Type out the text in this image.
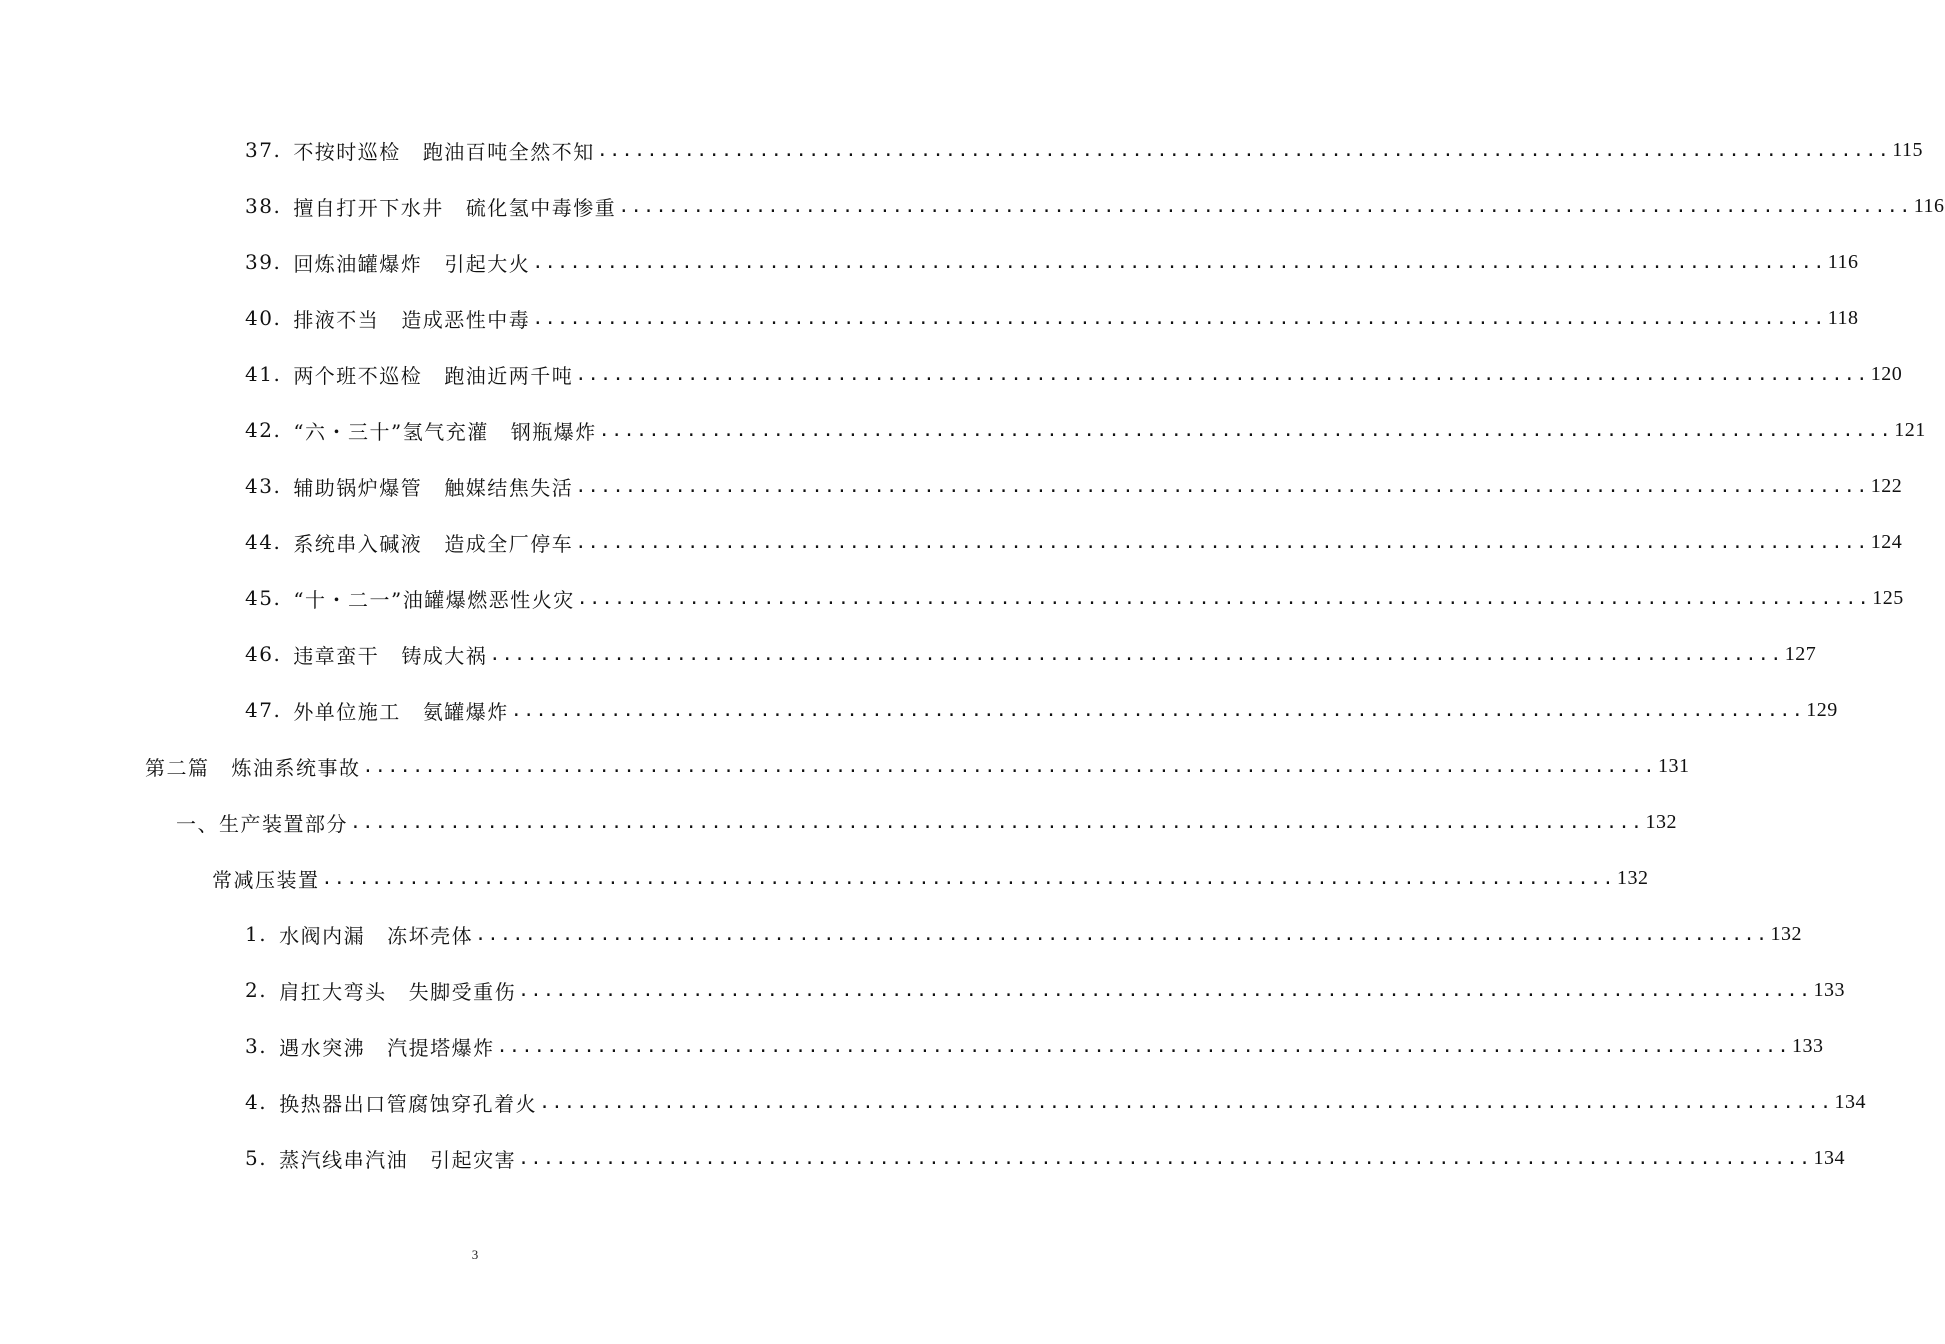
37. 不按时巡检 跑油百吨全然不知 ........................................................................................................ 115
38. 擅自打开下水井 硫化氢中毒惨重 ........................................................................................................ 116
39. 回炼油罐爆炸 引起大火 ........................................................................................................ 116
40. 排液不当 造成恶性中毒 ........................................................................................................ 118
41. 两个班不巡检 跑油近两千吨 ........................................................................................................ 120
42. “六・三十”氢气充灌 钢瓶爆炸 ........................................................................................................ 121
43. 辅助锅炉爆管 触媒结焦失活 ........................................................................................................ 122
44. 系统串入碱液 造成全厂停车 ........................................................................................................ 124
45. “十・二一”油罐爆燃恶性火灾 ........................................................................................................ 125
46. 违章蛮干 铸成大祸 ........................................................................................................ 127
47. 外单位施工 氨罐爆炸 ........................................................................................................ 129
第二篇 炼油系统事故 ........................................................................................................ 131
一、生产装置部分 ........................................................................................................ 132
常减压装置 ........................................................................................................ 132
1. 水阀内漏 冻坏壳体 ........................................................................................................ 132
2. 肩扛大弯头 失脚受重伤 ........................................................................................................ 133
3. 遇水突沸 汽提塔爆炸 ........................................................................................................ 133
4. 换热器出口管腐蚀穿孔着火 ........................................................................................................ 134
5. 蒸汽线串汽油 引起灾害 ........................................................................................................ 134
3
